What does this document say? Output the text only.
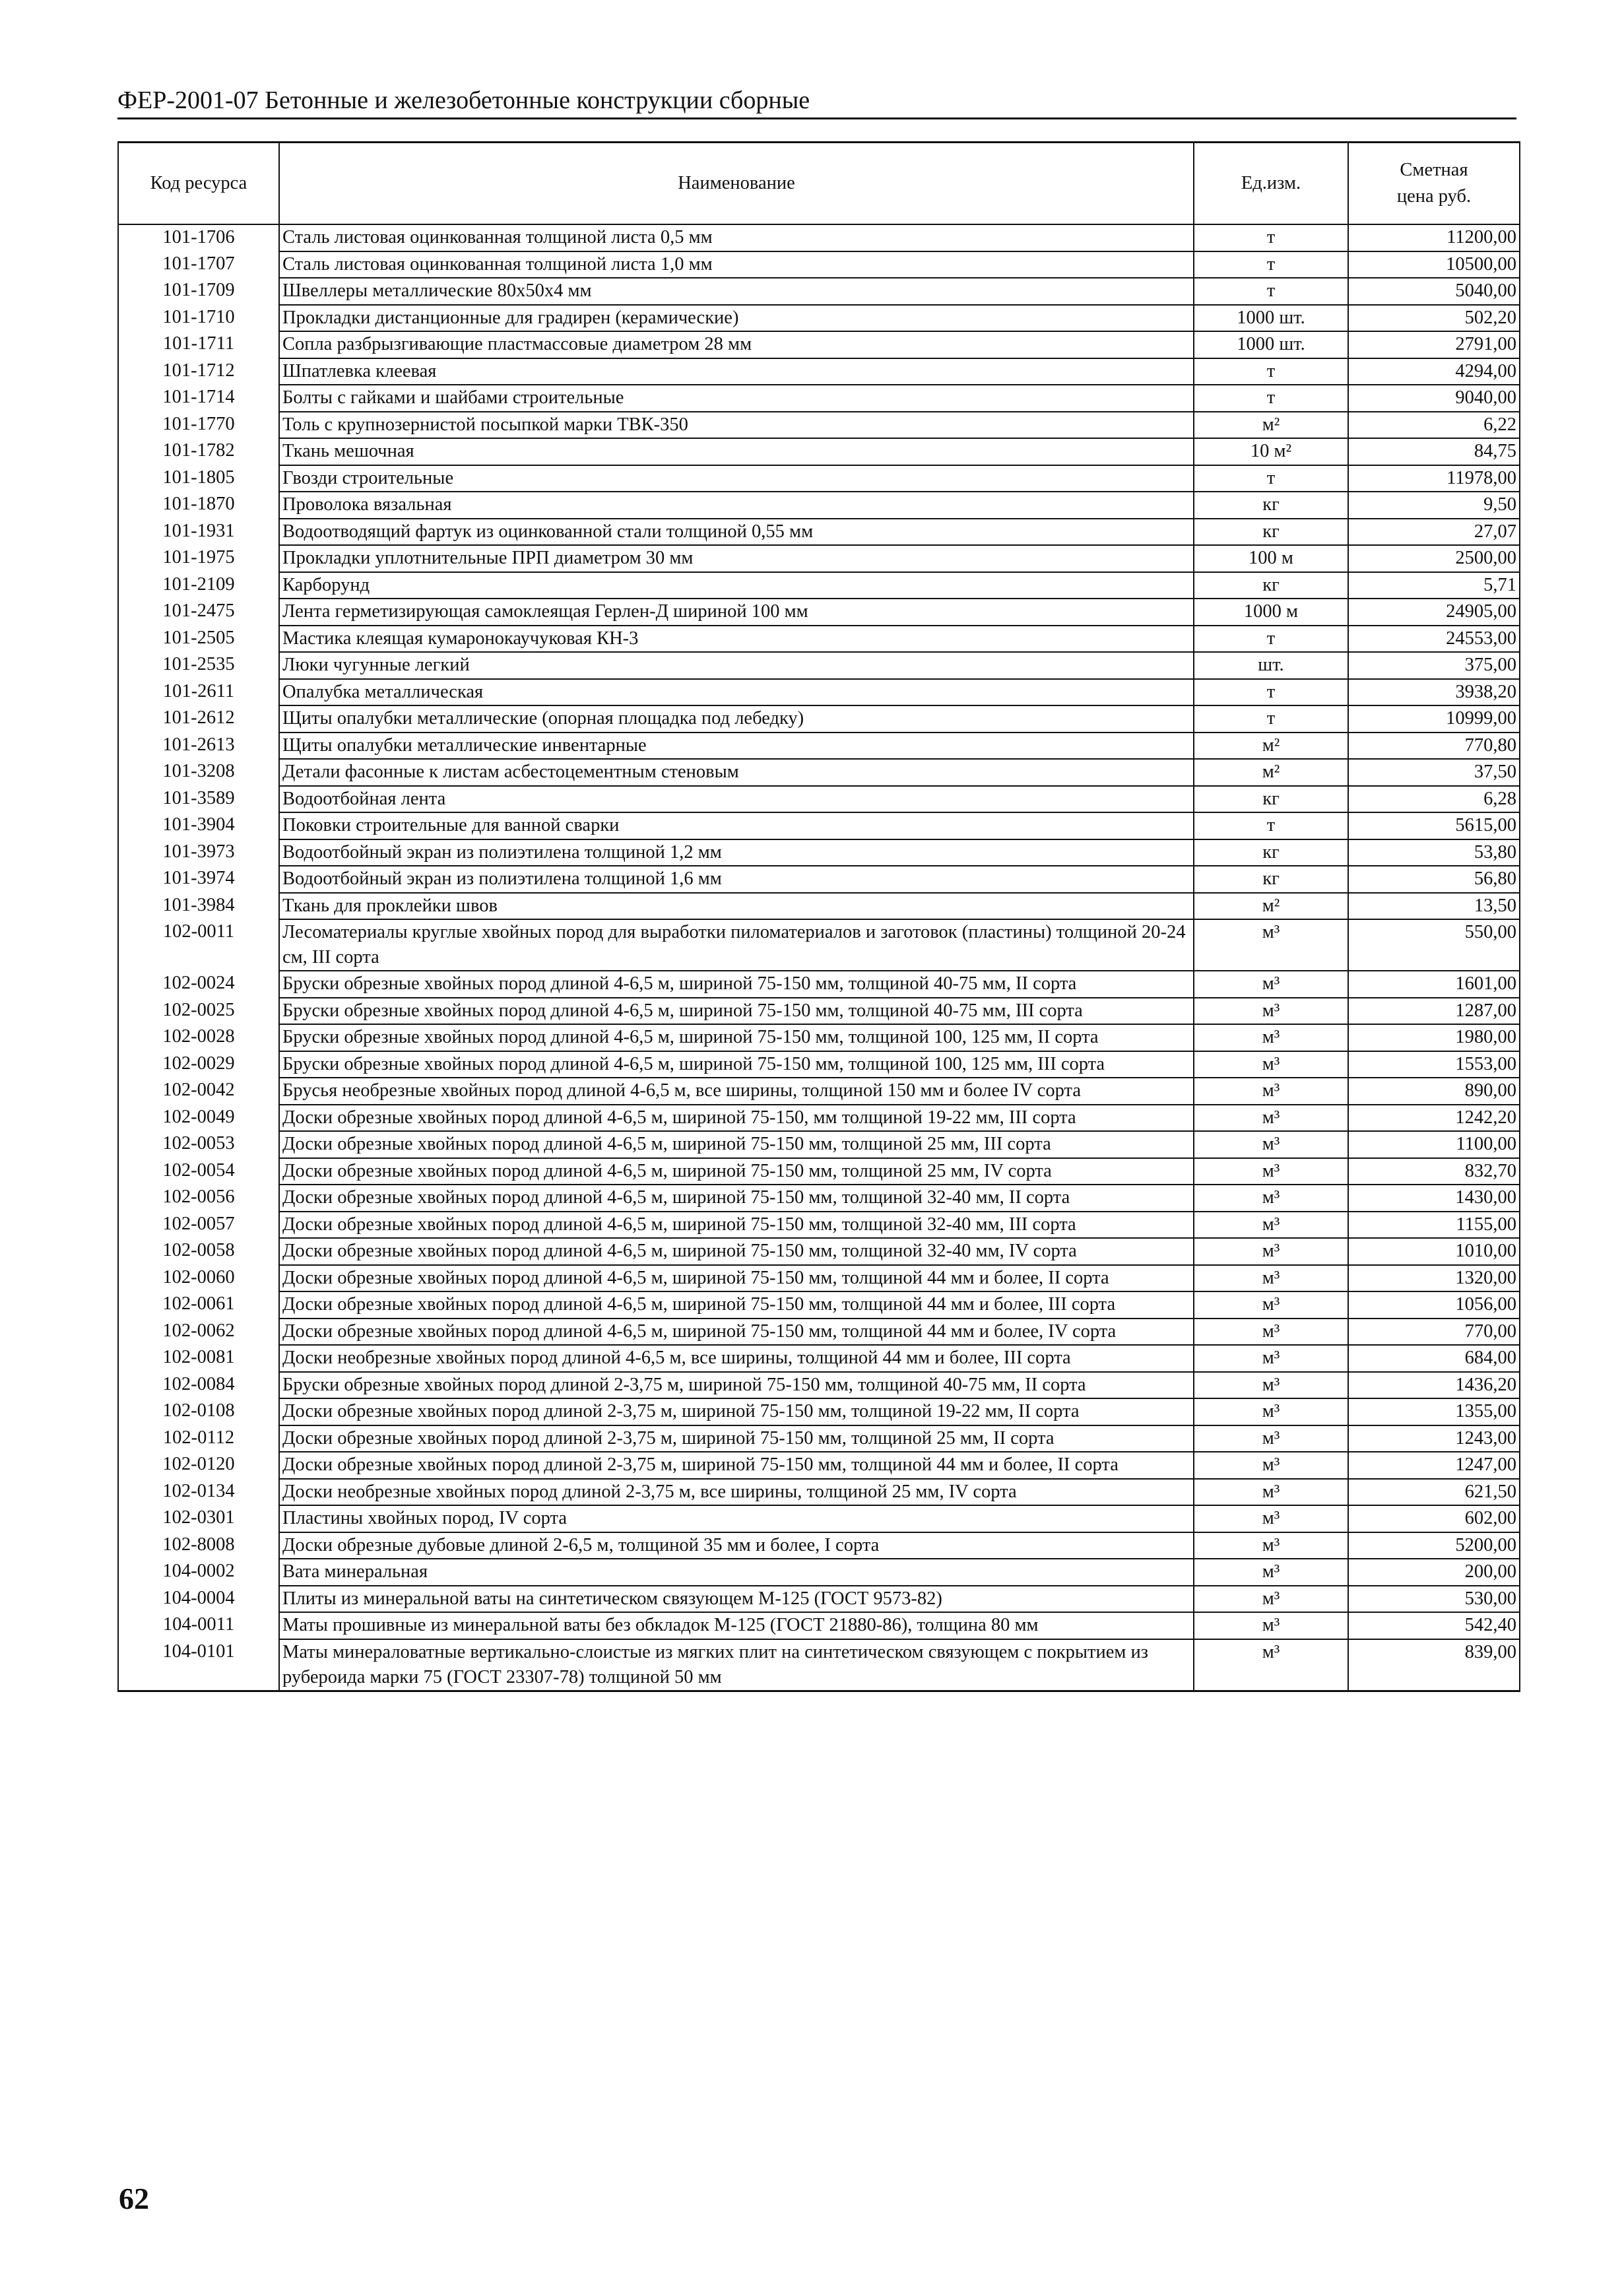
ФЕР-2001-07 Бетонные и железобетонные конструкции сборные
Код ресурса	Наименование	Ед.изм.	Сметная цена руб.
101-1706	Сталь листовая оцинкованная толщиной листа 0,5 мм	т	11200,00
101-1707	Сталь листовая оцинкованная толщиной листа 1,0 мм	т	10500,00
101-1709	Швеллеры металлические 80х50х4 мм	т	5040,00
101-1710	Прокладки дистанционные для градирен (керамические)	1000 шт.	502,20
101-1711	Сопла разбрызгивающие пластмассовые диаметром 28 мм	1000 шт.	2791,00
101-1712	Шпатлевка клеевая	т	4294,00
101-1714	Болты с гайками и шайбами строительные	т	9040,00
101-1770	Толь с крупнозернистой посыпкой марки ТВК-350	м²	6,22
101-1782	Ткань мешочная	10 м²	84,75
101-1805	Гвозди строительные	т	11978,00
101-1870	Проволока вязальная	кг	9,50
101-1931	Водоотводящий фартук из оцинкованной стали толщиной 0,55 мм	кг	27,07
101-1975	Прокладки уплотнительные ПРП диаметром 30 мм	100 м	2500,00
101-2109	Карборунд	кг	5,71
101-2475	Лента герметизирующая самоклеящая Герлен-Д шириной 100 мм	1000 м	24905,00
101-2505	Мастика клеящая кумаронокаучуковая КН-3	т	24553,00
101-2535	Люки чугунные легкий	шт.	375,00
101-2611	Опалубка металлическая	т	3938,20
101-2612	Щиты опалубки металлические (опорная площадка под лебедку)	т	10999,00
101-2613	Щиты опалубки металлические инвентарные	м²	770,80
101-3208	Детали фасонные к листам асбестоцементным стеновым	м²	37,50
101-3589	Водоотбойная лента	кг	6,28
101-3904	Поковки строительные для ванной сварки	т	5615,00
101-3973	Водоотбойный экран из полиэтилена толщиной 1,2 мм	кг	53,80
101-3974	Водоотбойный экран из полиэтилена толщиной 1,6 мм	кг	56,80
101-3984	Ткань для проклейки швов	м²	13,50
102-0011	Лесоматериалы круглые хвойных пород для выработки пиломатериалов и заготовок (пластины) толщиной 20-24 см, III сорта	м³	550,00
102-0024	Бруски обрезные хвойных пород длиной 4-6,5 м, шириной 75-150 мм, толщиной 40-75 мм, II сорта	м³	1601,00
102-0025	Бруски обрезные хвойных пород длиной 4-6,5 м, шириной 75-150 мм, толщиной 40-75 мм, III сорта	м³	1287,00
102-0028	Бруски обрезные хвойных пород длиной 4-6,5 м, шириной 75-150 мм, толщиной 100, 125 мм, II сорта	м³	1980,00
102-0029	Бруски обрезные хвойных пород длиной 4-6,5 м, шириной 75-150 мм, толщиной 100, 125 мм, III сорта	м³	1553,00
102-0042	Брусья необрезные хвойных пород длиной 4-6,5 м, все ширины, толщиной 150 мм и более IV сорта	м³	890,00
102-0049	Доски обрезные хвойных пород длиной 4-6,5 м, шириной 75-150, мм толщиной 19-22 мм, III сорта	м³	1242,20
102-0053	Доски обрезные хвойных пород длиной 4-6,5 м, шириной 75-150 мм, толщиной 25 мм, III сорта	м³	1100,00
102-0054	Доски обрезные хвойных пород длиной 4-6,5 м, шириной 75-150 мм, толщиной 25 мм, IV сорта	м³	832,70
102-0056	Доски обрезные хвойных пород длиной 4-6,5 м, шириной 75-150 мм, толщиной 32-40 мм, II сорта	м³	1430,00
102-0057	Доски обрезные хвойных пород длиной 4-6,5 м, шириной 75-150 мм, толщиной 32-40 мм, III сорта	м³	1155,00
102-0058	Доски обрезные хвойных пород длиной 4-6,5 м, шириной 75-150 мм, толщиной 32-40 мм, IV сорта	м³	1010,00
102-0060	Доски обрезные хвойных пород длиной 4-6,5 м, шириной 75-150 мм, толщиной 44 мм и более, II сорта	м³	1320,00
102-0061	Доски обрезные хвойных пород длиной 4-6,5 м, шириной 75-150 мм, толщиной 44 мм и более, III сорта	м³	1056,00
102-0062	Доски обрезные хвойных пород длиной 4-6,5 м, шириной 75-150 мм, толщиной 44 мм и более, IV сорта	м³	770,00
102-0081	Доски необрезные хвойных пород длиной 4-6,5 м, все ширины, толщиной 44 мм и более, III сорта	м³	684,00
102-0084	Бруски обрезные хвойных пород длиной 2-3,75 м, шириной 75-150 мм, толщиной 40-75 мм, II сорта	м³	1436,20
102-0108	Доски обрезные хвойных пород длиной 2-3,75 м, шириной 75-150 мм, толщиной 19-22 мм, II сорта	м³	1355,00
102-0112	Доски обрезные хвойных пород длиной 2-3,75 м, шириной 75-150 мм, толщиной 25 мм, II сорта	м³	1243,00
102-0120	Доски обрезные хвойных пород длиной 2-3,75 м, шириной 75-150 мм, толщиной 44 мм и более, II сорта	м³	1247,00
102-0134	Доски необрезные хвойных пород длиной 2-3,75 м, все ширины, толщиной 25 мм, IV сорта	м³	621,50
102-0301	Пластины хвойных пород, IV сорта	м³	602,00
102-8008	Доски обрезные дубовые длиной 2-6,5 м, толщиной 35 мм и более, I сорта	м³	5200,00
104-0002	Вата минеральная	м³	200,00
104-0004	Плиты из минеральной ваты на синтетическом связующем М-125 (ГОСТ 9573-82)	м³	530,00
104-0011	Маты прошивные из минеральной ваты без обкладок М-125 (ГОСТ 21880-86), толщина 80 мм	м³	542,40
104-0101	Маты минераловатные вертикально-слоистые из мягких плит на синтетическом связующем с покрытием из рубероида марки 75 (ГОСТ 23307-78) толщиной 50 мм	м³	839,00
62
